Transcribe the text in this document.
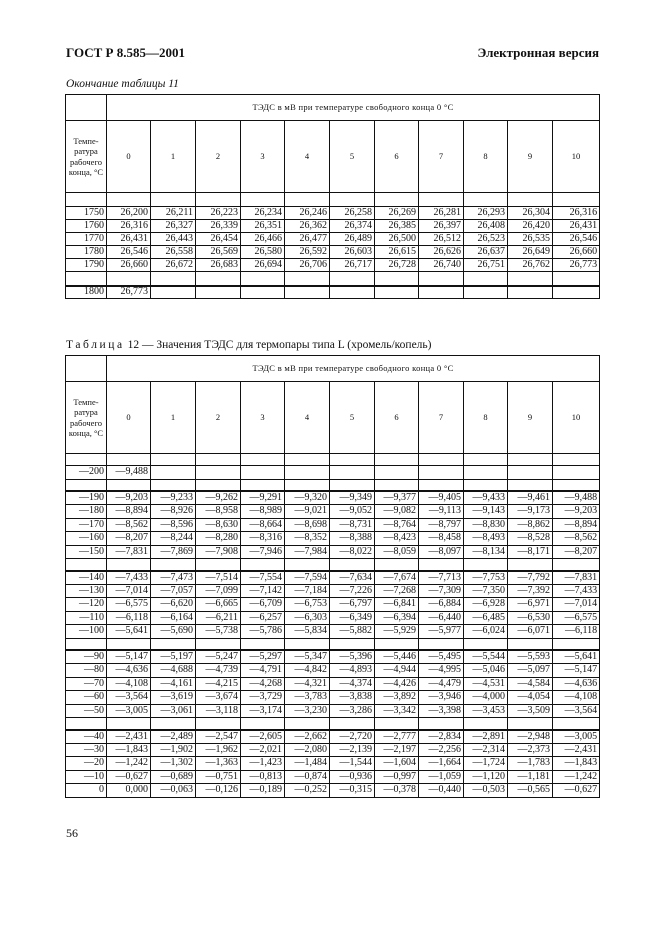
ГОСТ Р 8.585—2001	Электронная версия
Окончание таблицы 11
	ТЭДС в мВ при температуре свободного конца 0 °С										
Темпе-ратура рабочего конца, °С	0	1	2	3	4	5	6	7	8	9	10

1750	26,200	26,211	26,223	26,234	26,246	26,258	26,269	26,281	26,293	26,304	26,316
1760	26,316	26,327	26,339	26,351	26,362	26,374	26,385	26,397	26,408	26,420	26,431
1770	26,431	26,443	26,454	26,466	26,477	26,489	26,500	26,512	26,523	26,535	26,546
1780	26,546	26,558	26,569	26,580	26,592	26,603	26,615	26,626	26,637	26,649	26,660
1790	26,660	26,672	26,683	26,694	26,706	26,717	26,728	26,740	26,751	26,762	26,773

1800	26,773										
Таблица 12 — Значения ТЭДС для термопары типа L (хромель/копель)
	ТЭДС в мВ при температуре свободного конца 0 °С										
Темпе-ратура рабочего конца, °С	0	1	2	3	4	5	6	7	8	9	10

—200	—9,488										

—190	—9,203	—9,233	—9,262	—9,291	—9,320	—9,349	—9,377	—9,405	—9,433	—9,461	—9,488
—180	—8,894	—8,926	—8,958	—8,989	—9,021	—9,052	—9,082	—9,113	—9,143	—9,173	—9,203
—170	—8,562	—8,596	—8,630	—8,664	—8,698	—8,731	—8,764	—8,797	—8,830	—8,862	—8,894
—160	—8,207	—8,244	—8,280	—8,316	—8,352	—8,388	—8,423	—8,458	—8,493	—8,528	—8,562
—150	—7,831	—7,869	—7,908	—7,946	—7,984	—8,022	—8,059	—8,097	—8,134	—8,171	—8,207

—140	—7,433	—7,473	—7,514	—7,554	—7,594	—7,634	—7,674	—7,713	—7,753	—7,792	—7,831
—130	—7,014	—7,057	—7,099	—7,142	—7,184	—7,226	—7,268	—7,309	—7,350	—7,392	—7,433
—120	—6,575	—6,620	—6,665	—6,709	—6,753	—6,797	—6,841	—6,884	—6,928	—6,971	—7,014
—110	—6,118	—6,164	—6,211	—6,257	—6,303	—6,349	—6,394	—6,440	—6,485	—6,530	—6,575
—100	—5,641	—5,690	—5,738	—5,786	—5,834	—5,882	—5,929	—5,977	—6,024	—6,071	—6,118

—90	—5,147	—5,197	—5,247	—5,297	—5,347	—5,396	—5,446	—5,495	—5,544	—5,593	—5,641
—80	—4,636	—4,688	—4,739	—4,791	—4,842	—4,893	—4,944	—4,995	—5,046	—5,097	—5,147
—70	—4,108	—4,161	—4,215	—4,268	—4,321	—4,374	—4,426	—4,479	—4,531	—4,584	—4,636
—60	—3,564	—3,619	—3,674	—3,729	—3,783	—3,838	—3,892	—3,946	—4,000	—4,054	—4,108
—50	—3,005	—3,061	—3,118	—3,174	—3,230	—3,286	—3,342	—3,398	—3,453	—3,509	—3,564

—40	—2,431	—2,489	—2,547	—2,605	—2,662	—2,720	—2,777	—2,834	—2,891	—2,948	—3,005
—30	—1,843	—1,902	—1,962	—2,021	—2,080	—2,139	—2,197	—2,256	—2,314	—2,373	—2,431
—20	—1,242	—1,302	—1,363	—1,423	—1,484	—1,544	—1,604	—1,664	—1,724	—1,783	—1,843
—10	—0,627	—0,689	—0,751	—0,813	—0,874	—0,936	—0,997	—1,059	—1,120	—1,181	—1,242
0	0,000	—0,063	—0,126	—0,189	—0,252	—0,315	—0,378	—0,440	—0,503	—0,565	—0,627
56
